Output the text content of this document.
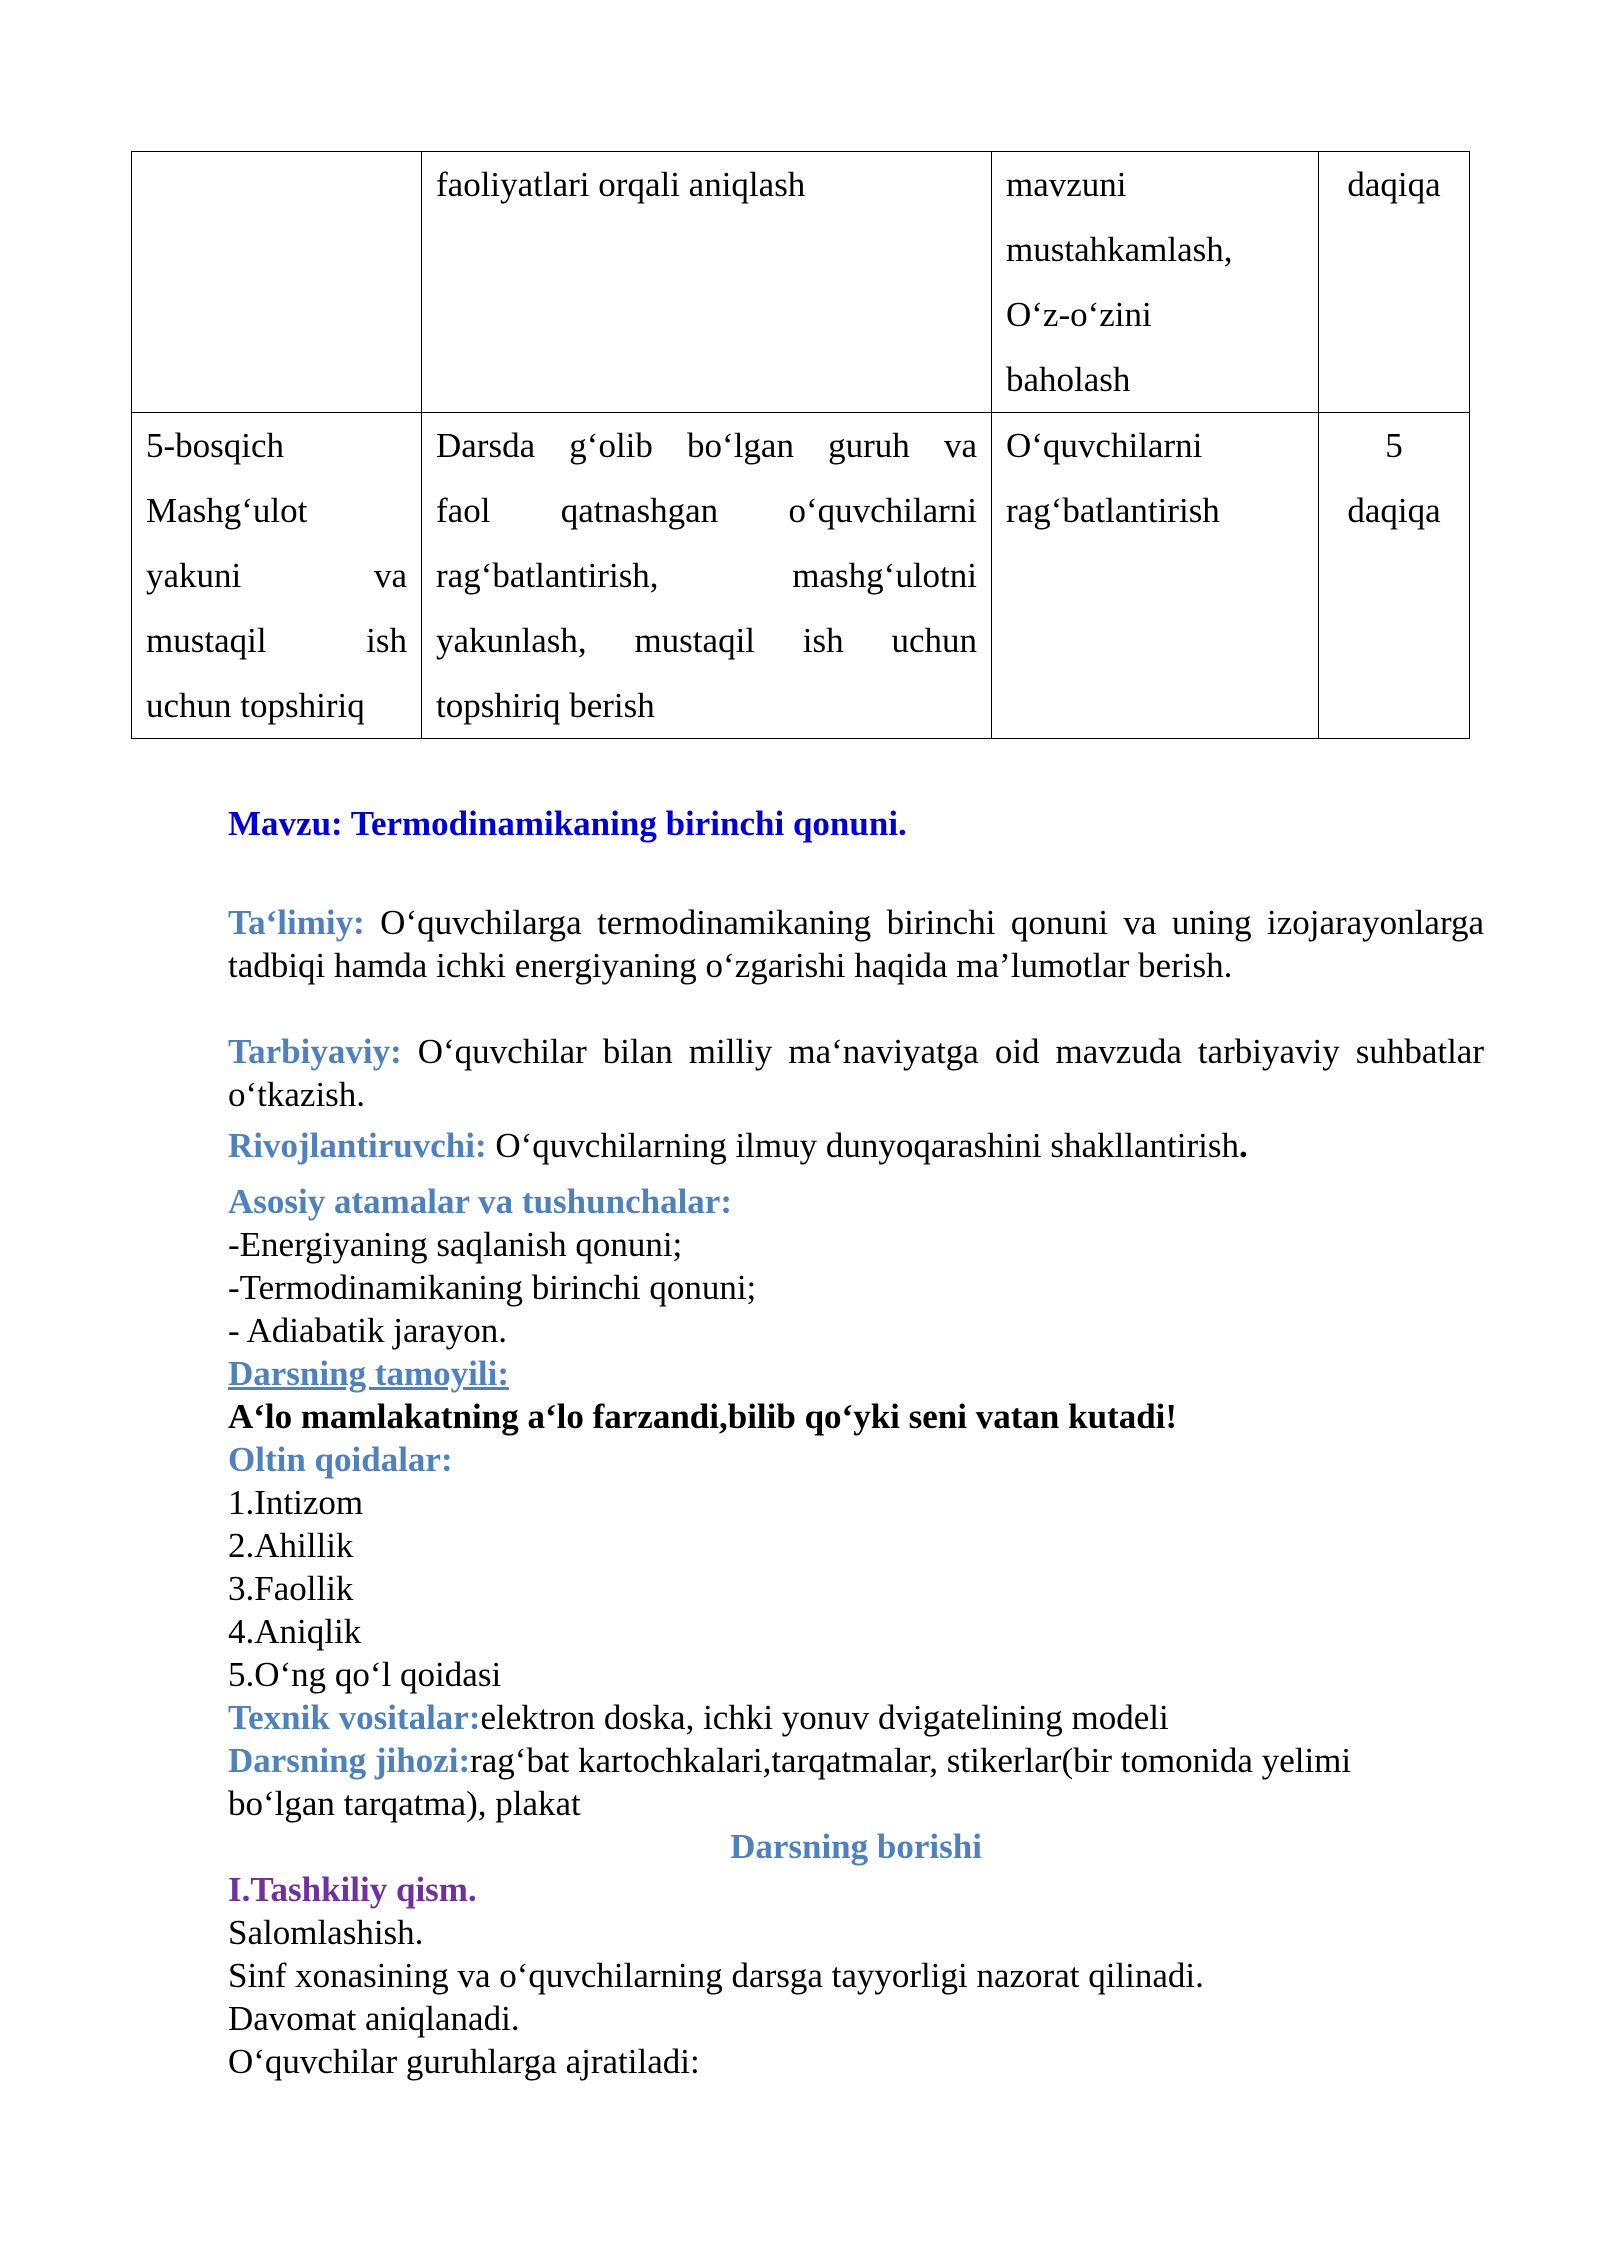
	faoliyatlari orqali aniqlash	mavzuni
mustahkamlash,
O‘z-o‘zini
baholash	daqiqa

5-bosqich
Mashg‘ulot
yakuni va
mustaqil ish
uchun topshiriq	Darsda g‘olib bo‘lgan guruh va
faol qatnashgan o‘quvchilarni
rag‘batlantirish, mashg‘ulotni
yakunlash, mustaqil ish uchun
topshiriq berish	O‘quvchilarni
rag‘batlantirish	5
daqiqa
Mavzu: Termodinamikaning birinchi qonuni.
Ta‘limiy: O‘quvchilarga termodinamikaning birinchi qonuni va uning izojarayonlarga tadbiqi hamda ichki energiyaning o‘zgarishi haqida ma’lumotlar berish.
Tarbiyaviy: O‘quvchilar bilan milliy ma‘naviyatga oid mavzuda tarbiyaviy suhbatlar o‘tkazish.
Rivojlantiruvchi: O‘quvchilarning ilmuy dunyoqarashini shakllantirish.
Asosiy atamalar va tushunchalar:
-Energiyaning saqlanish qonuni;
-Termodinamikaning birinchi qonuni;
- Adiabatik jarayon.
Darsning tamoyili:
A‘lo mamlakatning a‘lo farzandi,bilib qo‘yki seni vatan kutadi!
Oltin qoidalar:
1.Intizom
2.Ahillik
3.Faollik
4.Aniqlik
5.O‘ng qo‘l qoidasi
Texnik vositalar:elektron doska, ichki yonuv dvigatelining modeli
Darsning jihozi:rag‘bat kartochkalari,tarqatmalar, stikerlar(bir tomonida yelimi
bo‘lgan tarqatma), plakat
Darsning borishi
I.Tashkiliy qism.
Salomlashish.
Sinf xonasining va o‘quvchilarning darsga tayyorligi nazorat qilinadi.
Davomat aniqlanadi.
O‘quvchilar guruhlarga ajratiladi:
